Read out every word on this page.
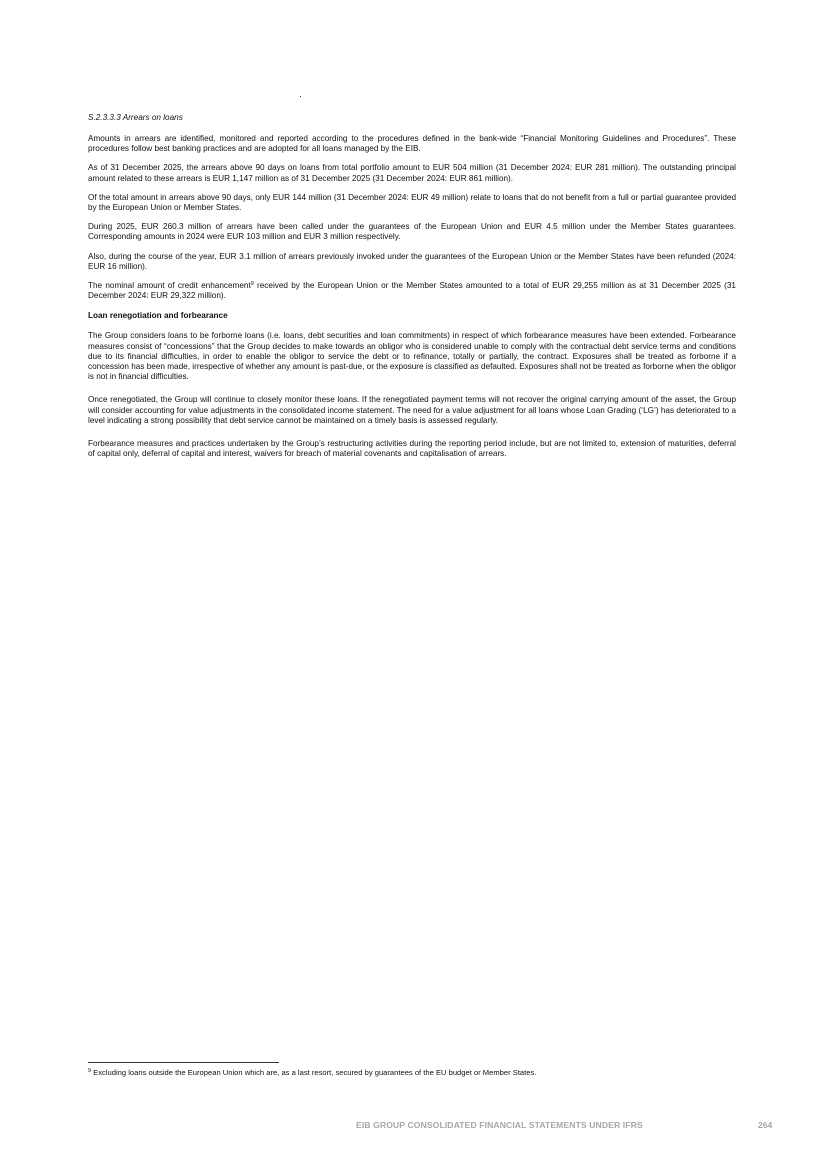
S.2.3.3.3 Arrears on loans

Amounts in arrears are identified, monitored and reported according to the procedures defined in the bank-wide “Financial Monitoring Guidelines and Procedures”. These procedures follow best banking practices and are adopted for all loans managed by the EIB.

As of 31 December 2025, the arrears above 90 days on loans from total portfolio amount to EUR 504 million (31 December 2024: EUR 281 million). The outstanding principal amount related to these arrears is EUR 1,147 million as of 31 December 2025 (31 December 2024: EUR 861 million).

Of the total amount in arrears above 90 days, only EUR 144 million (31 December 2024: EUR 49 million) relate to loans that do not benefit from a full or partial guarantee provided by the European Union or Member States.

During 2025, EUR 260.3 million of arrears have been called under the guarantees of the European Union and EUR 4.5 million under the Member States guarantees. Corresponding amounts in 2024 were EUR 103 million and EUR 3 million respectively.

Also, during the course of the year, EUR 3.1 million of arrears previously invoked under the guarantees of the European Union or the Member States have been refunded (2024: EUR 16 million).

The nominal amount of credit enhancement$^9$ received by the European Union or the Member States amounted to a total of EUR 29,255 million as at 31 December 2025 (31 December 2024: EUR 29,322 million).

Loan renegotiation and forbearance

The Group considers loans to be forborne loans (i.e. loans, debt securities and loan commitments) in respect of which forbearance measures have been extended. Forbearance measures consist of “concessions” that the Group decides to make towards an obligor who is considered unable to comply with the contractual debt service terms and conditions due to its financial difficulties, in order to enable the obligor to service the debt or to refinance, totally or partially, the contract. Exposures shall be treated as forborne if a concession has been made, irrespective of whether any amount is past-due, or the exposure is classified as defaulted. Exposures shall not be treated as forborne when the obligor is not in financial difficulties.

Once renegotiated, the Group will continue to closely monitor these loans. If the renegotiated payment terms will not recover the original carrying amount of the asset, the Group will consider accounting for value adjustments in the consolidated income statement. The need for a value adjustment for all loans whose Loan Grading (‘LG’) has deteriorated to a level indicating a strong possibility that debt service cannot be maintained on a timely basis is assessed regularly.

Forbearance measures and practices undertaken by the Group’s restructuring activities during the reporting period include, but are not limited to, extension of maturities, deferral of capital only, deferral of capital and interest, waivers for breach of material covenants and capitalisation of arrears.

$^9$ Excluding loans outside the European Union which are, as a last resort, secured by guarantees of the EU budget or Member States.
EIB GROUP CONSOLIDATED FINANCIAL STATEMENTS UNDER IFRS	264
